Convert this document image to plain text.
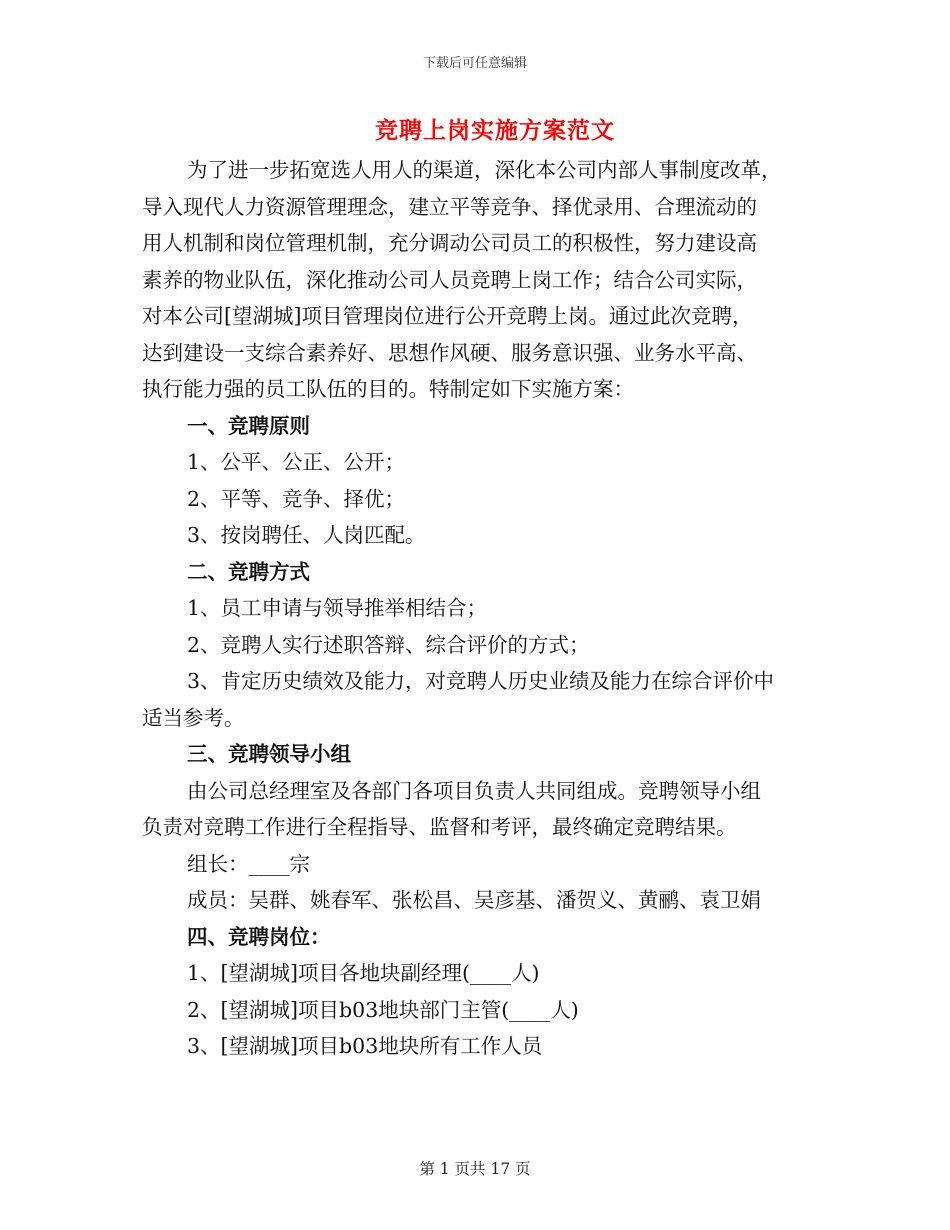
下载后可任意编辑
竞聘上岗实施方案范文

为了进一步拓宽选人用人的渠道，深化本公司内部人事制度改革，

导入现代人力资源管理理念，建立平等竞争、择优录用、合理流动的

用人机制和岗位管理机制，充分调动公司员工的积极性，努力建设高

素养的物业队伍，深化推动公司人员竞聘上岗工作；结合公司实际，

对本公司[望湖城]项目管理岗位进行公开竞聘上岗。通过此次竞聘，

达到建设一支综合素养好、思想作风硬、服务意识强、业务水平高、

执行能力强的员工队伍的目的。特制定如下实施方案：

一、竞聘原则

1、公平、公正、公开；

2、平等、竞争、择优；

3、按岗聘任、人岗匹配。

二、竞聘方式

1、员工申请与领导推举相结合；

2、竞聘人实行述职答辩、综合评价的方式；

3、肯定历史绩效及能力，对竞聘人历史业绩及能力在综合评价中

适当参考。

三、竞聘领导小组

由公司总经理室及各部门各项目负责人共同组成。竞聘领导小组

负责对竞聘工作进行全程指导、监督和考评，最终确定竞聘结果。

组长：____宗

成员：吴群、姚春军、张松昌、吴彦基、潘贺义、黄鹂、袁卫娟

四、竞聘岗位：

1、[望湖城]项目各地块副经理(____人)

2、[望湖城]项目b03地块部门主管(____人)

3、[望湖城]项目b03地块所有工作人员

第 1 页共 17 页
